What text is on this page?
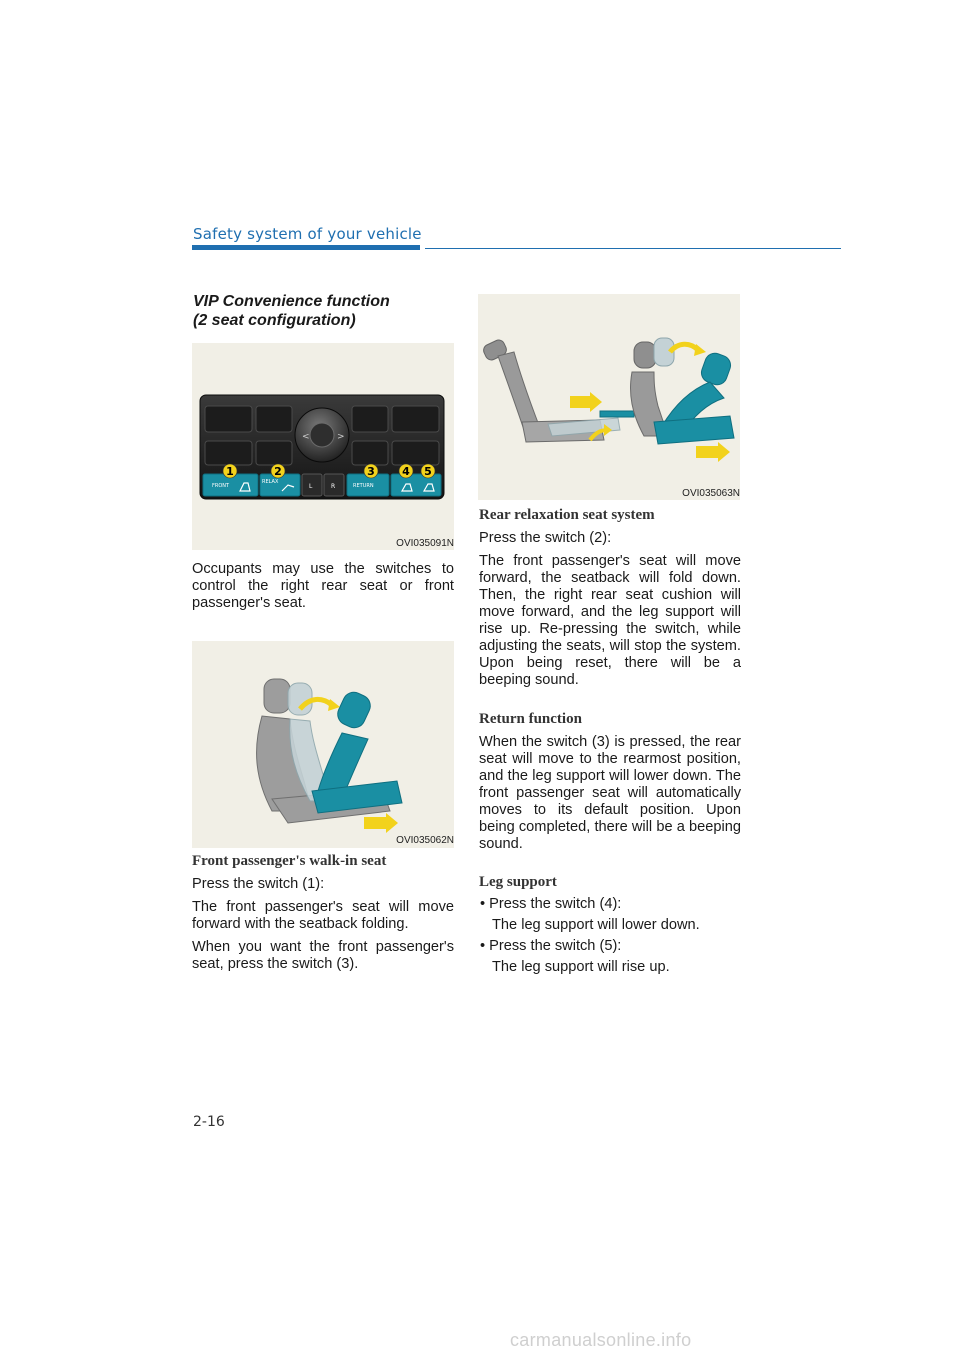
Safety system of your vehicle
VIP Convenience function
(2 seat configuration)
<	>
FRONT
RELAX
L	R	RETURN
1	2	3 4 5
OVI035091N

Occupants may use the switches to control the right rear seat or front passenger's seat.

OVI035062N
Front passenger's walk-in seat

Press the switch (1):

The front passenger's seat will move forward with the seatback folding.

When you want the front passenger's seat, press the switch (3).

OVI035063N
Rear relaxation seat system

Press the switch (2):

The front passenger's seat will move forward, the seatback will fold down. Then, the right rear seat cushion will move forward, and the leg support will rise up. Re-pressing the switch, while adjusting the seats, will stop the system. Upon being reset, there will be a beeping sound.

Return function

When the switch (3) is pressed, the rear seat will move to the rearmost position, and the leg support will lower down. The front passenger seat will automatically moves to its default position. Upon being completed, there will be a beeping sound.

Leg support
• Press the switch (4):
The leg support will lower down.
• Press the switch (5):
The leg support will rise up.
2-16
carmanualsonline.info
